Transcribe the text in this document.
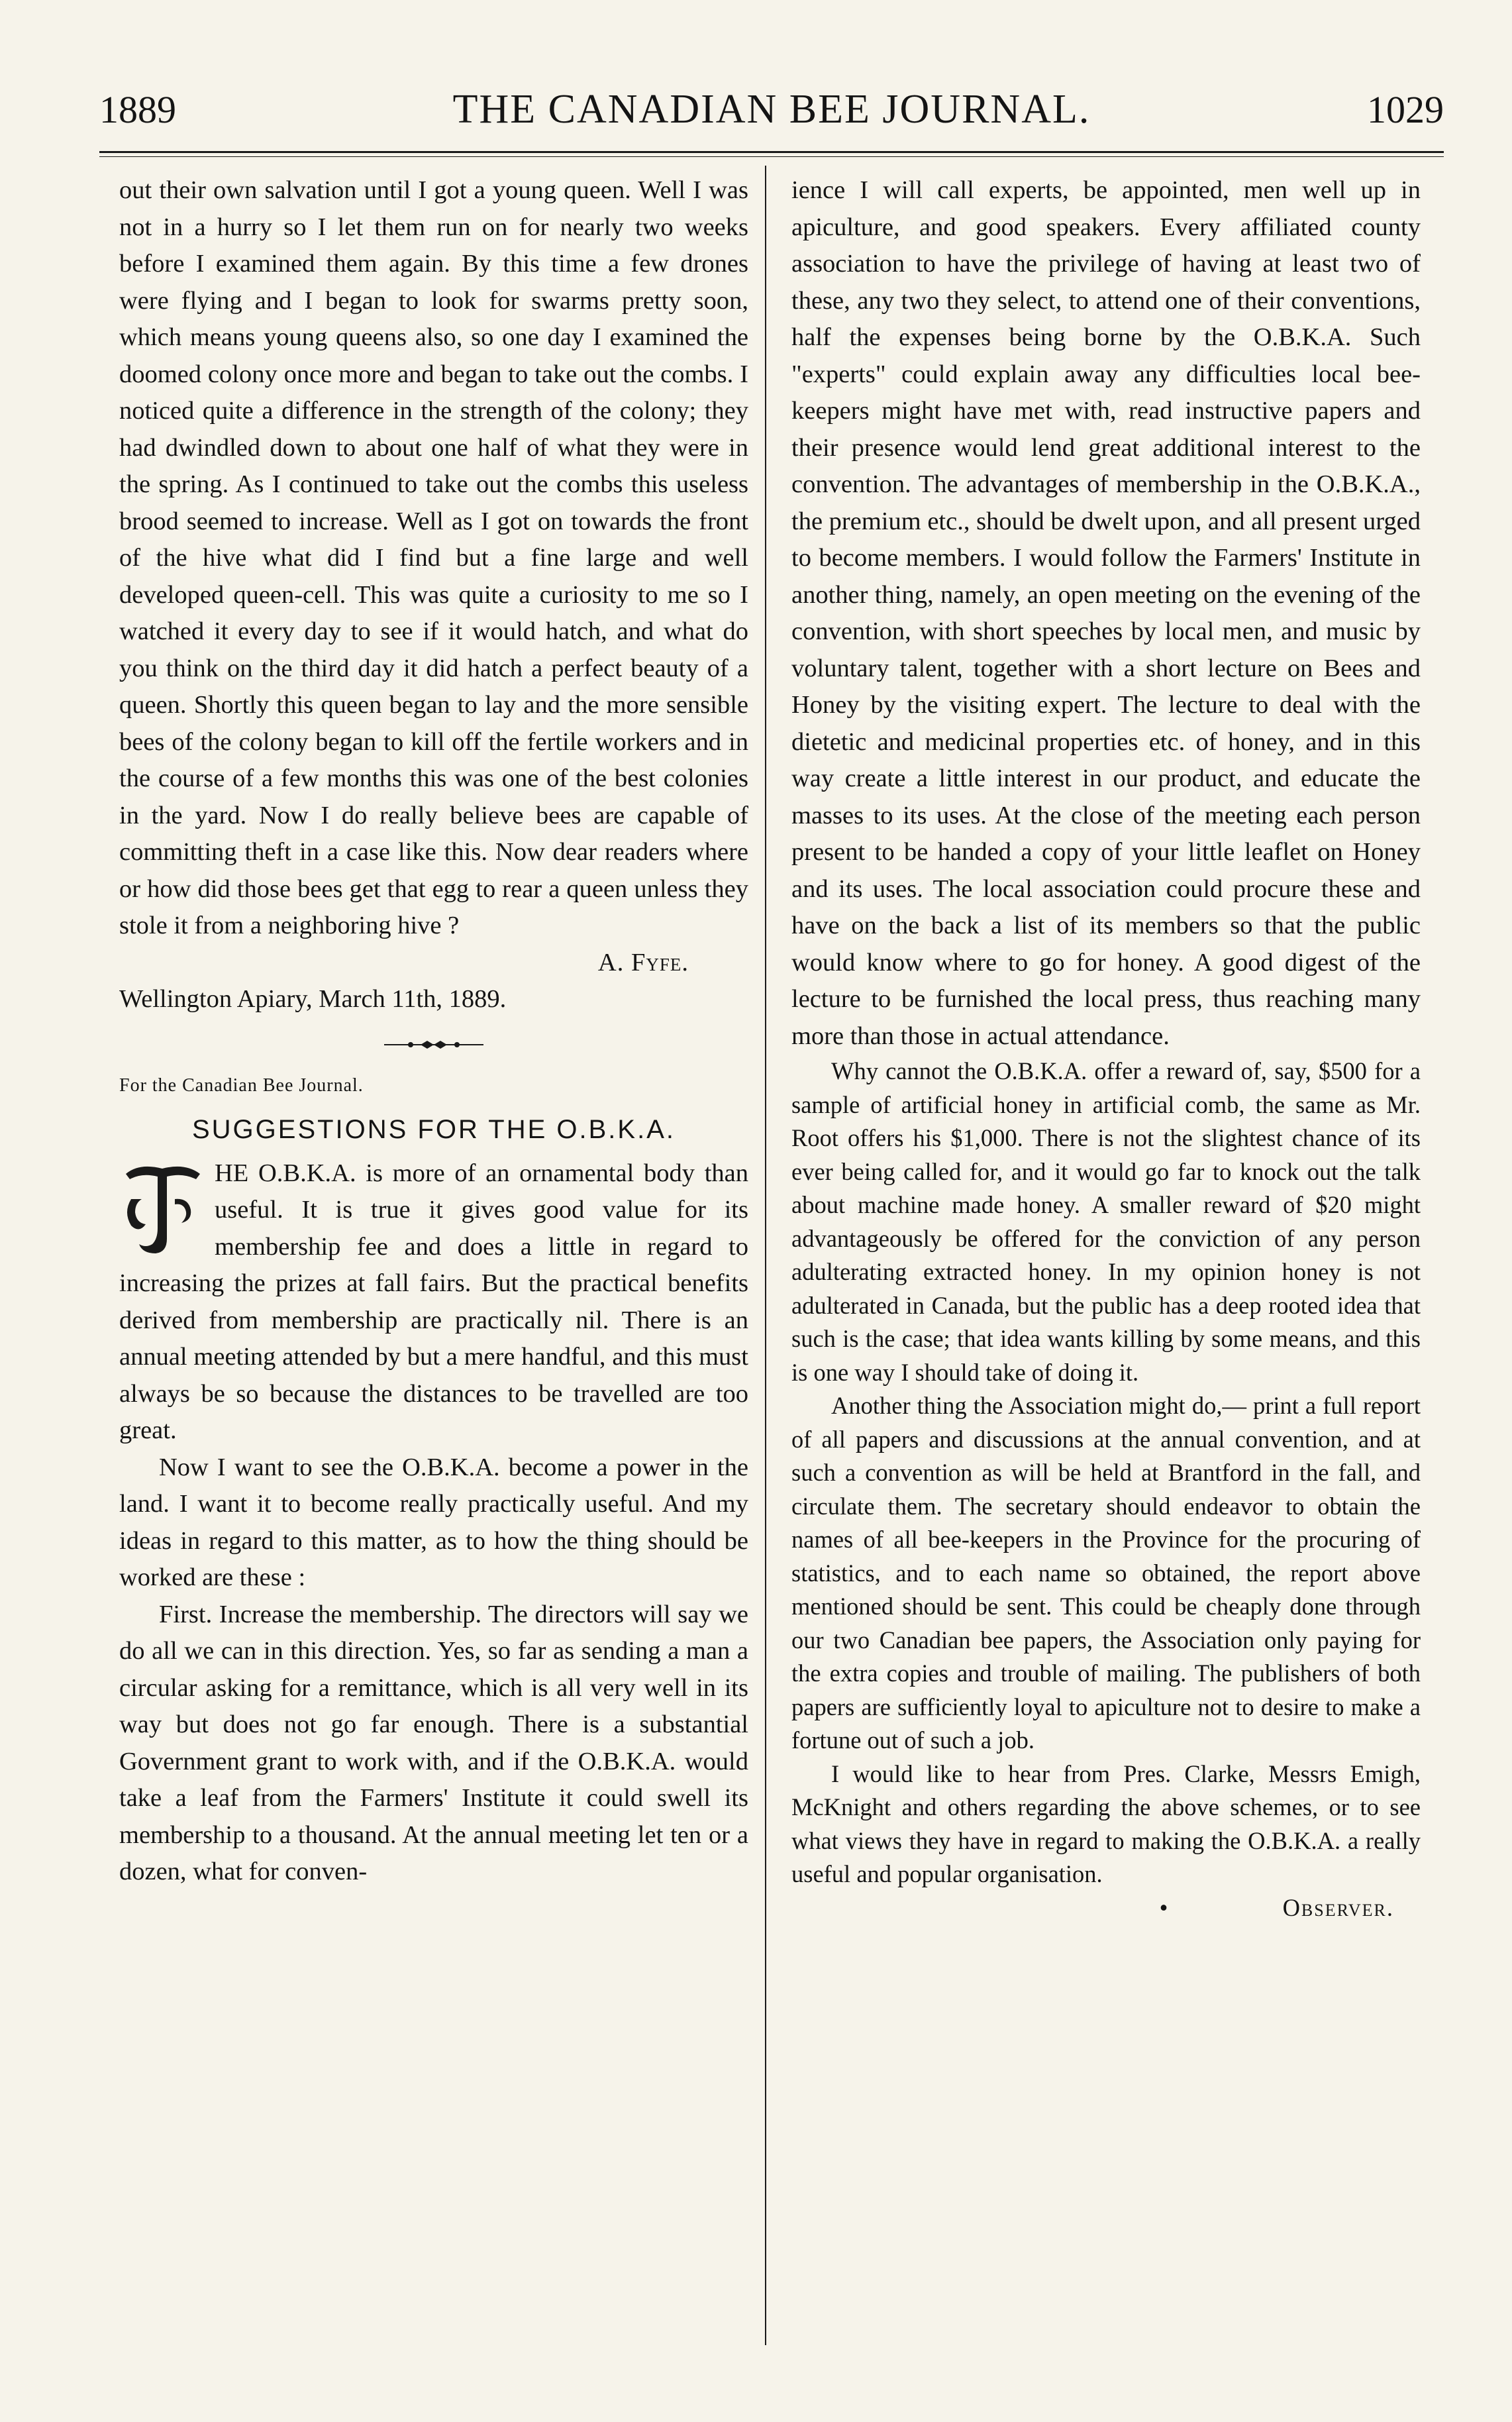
1889	THE CANADIAN BEE JOURNAL.	1029

out their own salvation until I got a young queen. Well I was not in a hurry so I let them run on for nearly two weeks before I examined them again. By this time a few drones were flying and I began to look for swarms pretty soon, which means young queens also, so one day I examined the doomed colony once more and began to take out the combs. I noticed quite a difference in the strength of the colony; they had dwindled down to about one half of what they were in the spring. As I continued to take out the combs this useless brood seemed to increase. Well as I got on towards the front of the hive what did I find but a fine large and well developed queen-cell. This was quite a curiosity to me so I watched it every day to see if it would hatch, and what do you think on the third day it did hatch a perfect beauty of a queen. Shortly this queen began to lay and the more sensible bees of the colony began to kill off the fertile workers and in the course of a few months this was one of the best colonies in the yard. Now I do really believe bees are capable of committing theft in a case like this. Now dear readers where or how did those bees get that egg to rear a queen unless they stole it from a neighboring hive ?

A. Fyfe.

Wellington Apiary, March 11th, 1889.

For the Canadian Bee Journal.
SUGGESTIONS FOR THE O.B.K.A.

HE O.B.K.A. is more of an ornamental body than useful. It is true it gives good value for its membership fee and does a little in regard to increasing the prizes at fall fairs. But the practical benefits derived from membership are practically nil. There is an annual meeting attended by but a mere handful, and this must always be so because the distances to be travelled are too great.

Now I want to see the O.B.K.A. become a power in the land. I want it to become really practically useful. And my ideas in regard to this matter, as to how the thing should be worked are these :

First. Increase the membership. The directors will say we do all we can in this direction. Yes, so far as sending a man a circular asking for a remittance, which is all very well in its way but does not go far enough. There is a substantial Government grant to work with, and if the O.B.K.A. would take a leaf from the Farmers' Institute it could swell its membership to a thousand. At the annual meeting let ten or a dozen, what for conven-

ience I will call experts, be appointed, men well up in apiculture, and good speakers. Every affiliated county association to have the privilege of having at least two of these, any two they select, to attend one of their conventions, half the expenses being borne by the O.B.K.A. Such "experts" could explain away any difficulties local bee-keepers might have met with, read instructive papers and their presence would lend great additional interest to the convention. The advantages of membership in the O.B.K.A., the premium etc., should be dwelt upon, and all present urged to become members. I would follow the Farmers' Institute in another thing, namely, an open meeting on the evening of the convention, with short speeches by local men, and music by voluntary talent, together with a short lecture on Bees and Honey by the visiting expert. The lecture to deal with the dietetic and medicinal properties etc. of honey, and in this way create a little interest in our product, and educate the masses to its uses. At the close of the meeting each person present to be handed a copy of your little leaflet on Honey and its uses. The local association could procure these and have on the back a list of its members so that the public would know where to go for honey. A good digest of the lecture to be furnished the local press, thus reaching many more than those in actual attendance.

Why cannot the O.B.K.A. offer a reward of, say, $500 for a sample of artificial honey in artificial comb, the same as Mr. Root offers his $1,000. There is not the slightest chance of its ever being called for, and it would go far to knock out the talk about machine made honey. A smaller reward of $20 might advantageously be offered for the conviction of any person adulterating extracted honey. In my opinion honey is not adulterated in Canada, but the public has a deep rooted idea that such is the case; that idea wants killing by some means, and this is one way I should take of doing it.

Another thing the Association might do,— print a full report of all papers and discussions at the annual convention, and at such a convention as will be held at Brantford in the fall, and circulate them. The secretary should endeavor to obtain the names of all bee-keepers in the Province for the procuring of statistics, and to each name so obtained, the report above mentioned should be sent. This could be cheaply done through our two Canadian bee papers, the Association only paying for the extra copies and trouble of mailing. The publishers of both papers are sufficiently loyal to apiculture not to desire to make a fortune out of such a job.

I would like to hear from Pres. Clarke, Messrs Emigh, McKnight and others regarding the above schemes, or to see what views they have in regard to making the O.B.K.A. a really useful and popular organisation.

•	Observer.
